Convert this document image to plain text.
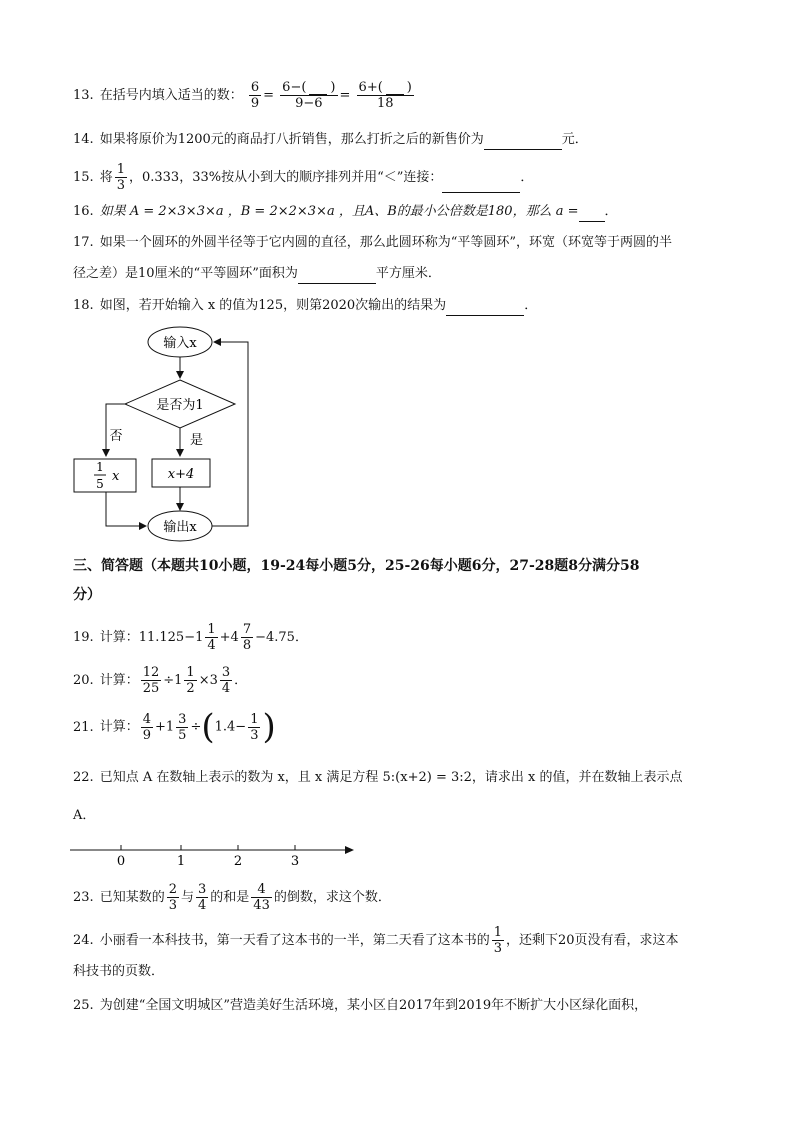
13. 在括号内填入适当的数： $\frac{6}{9} = \frac{6-( )}{9-6} = \frac{6+( )}{18}$
14. 如果将原价为1200元的商品打八折销售，那么打折之后的新售价为	元．
15. 将 $\frac{1}{3}$ ，0.333，33%按从小到大的顺序排列并用“＜”连接：	．
16. 如果 A = 2×3×3×a ，B = 2×2×3×a ，且A、B的最小公倍数是180，那么 a = ．
17. 如果一个圆环的外圆半径等于它内圆的直径，那么此圆环称为“平等圆环”，环宽（环宽等于两圆的半
径之差）是10厘米的“平等圆环”面积为	平方厘米．
18. 如图，若开始输入 x 的值为125，则第2020次输出的结果为	．
输入x
是否为1
否	是
1
5 x	x+4
输出x
三、简答题（本题共10小题，19-24每小题5分，25-26每小题6分，27-28题8分满分58
分）
19. 计算：$11.125-1 \frac{1}{4} +4 \frac{7}{8} -4.75$．
20. 计算： $\frac{12}{25} \div 1 \frac{1}{2} \times 3 \frac{3}{4}$ ．
21. 计算： $\frac{4}{9} +1 \frac{3}{5} \div(1.4- \frac{1}{3}$ )
22. 已知点 A 在数轴上表示的数为 x，且 x 满足方程 5:(x+2) = 3:2，请求出 x 的值，并在数轴上表示点
A．
0	1	2	3
23. 已知某数的 $\frac{2}{3}$ 与 $\frac{3}{4}$ 的和是 $\frac{4}{43}$ 的倒数，求这个数．
24. 小丽看一本科技书，第一天看了这本书的一半，第二天看了这本书的 $\frac{1}{3}$ ，还剩下20页没有看，求这本
科技书的页数．
25. 为创建“全国文明城区”营造美好生活环境，某小区自2017年到2019年不断扩大小区绿化面积，
